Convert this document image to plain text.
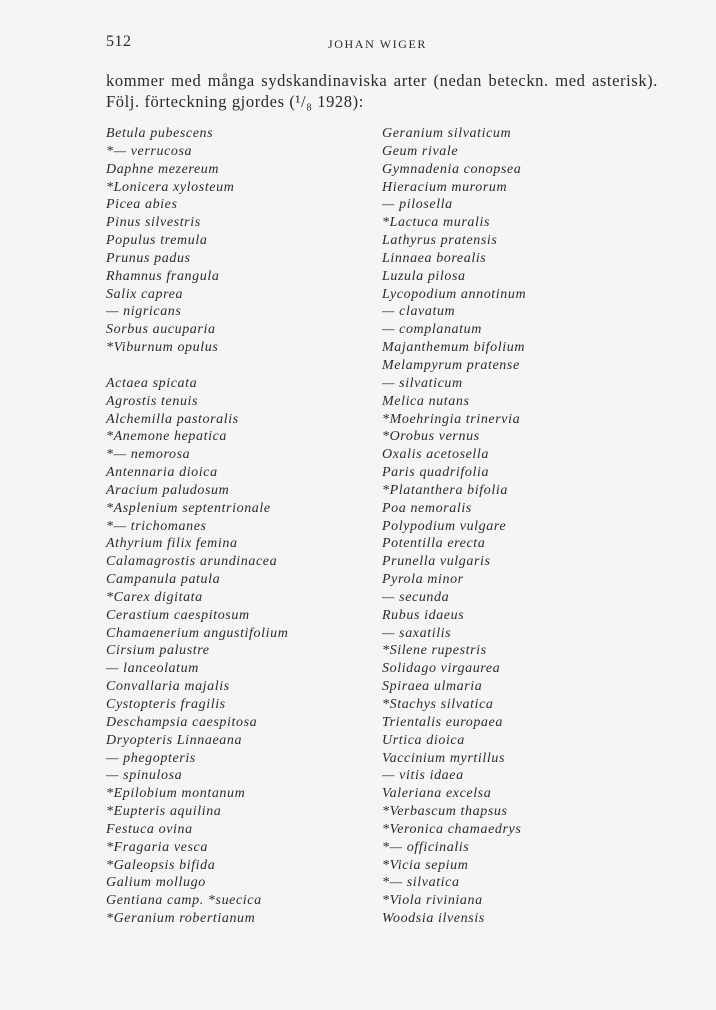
512	JOHAN WIGER
kommer med många sydskandinaviska arter (nedan beteckn. med asterisk). Följ. förteckning gjordes (¹/₈ 1928):
Betula pubescens
*— verrucosa
Daphne mezereum
*Lonicera xylosteum
Picea abies
Pinus silvestris
Populus tremula
Prunus padus
Rhamnus frangula
Salix caprea
— nigricans
Sorbus aucuparia
*Viburnum opulus
Actaea spicata
Agrostis tenuis
Alchemilla pastoralis
*Anemone hepatica
*— nemorosa
Antennaria dioica
Aracium paludosum
*Asplenium septentrionale
*— trichomanes
Athyrium filix femina
Calamagrostis arundinacea
Campanula patula
*Carex digitata
Cerastium caespitosum
Chamaenerium angustifolium
Cirsium palustre
— lanceolatum
Convallaria majalis
Cystopteris fragilis
Deschampsia caespitosa
Dryopteris Linnaeana
— phegopteris
— spinulosa
*Epilobium montanum
*Eupteris aquilina
Festuca ovina
*Fragaria vesca
*Galeopsis bifida
Galium mollugo
Gentiana camp. *suecica
*Geranium robertianum
Geranium silvaticum
Geum rivale
Gymnadenia conopsea
Hieracium murorum
— pilosella
*Lactuca muralis
Lathyrus pratensis
Linnaea borealis
Luzula pilosa
Lycopodium annotinum
— clavatum
— complanatum
Majanthemum bifolium
Melampyrum pratense
— silvaticum
Melica nutans
*Moehringia trinervia
*Orobus vernus
Oxalis acetosella
Paris quadrifolia
*Platanthera bifolia
Poa nemoralis
Polypodium vulgare
Potentilla erecta
Prunella vulgaris
Pyrola minor
— secunda
Rubus idaeus
— saxatilis
*Silene rupestris
Solidago virgaurea
Spiraea ulmaria
*Stachys silvatica
Trientalis europaea
Urtica dioica
Vaccinium myrtillus
— vitis idaea
Valeriana excelsa
*Verbascum thapsus
*Veronica chamaedrys
*— officinalis
*Vicia sepium
*— silvatica
*Viola riviniana
Woodsia ilvensis
